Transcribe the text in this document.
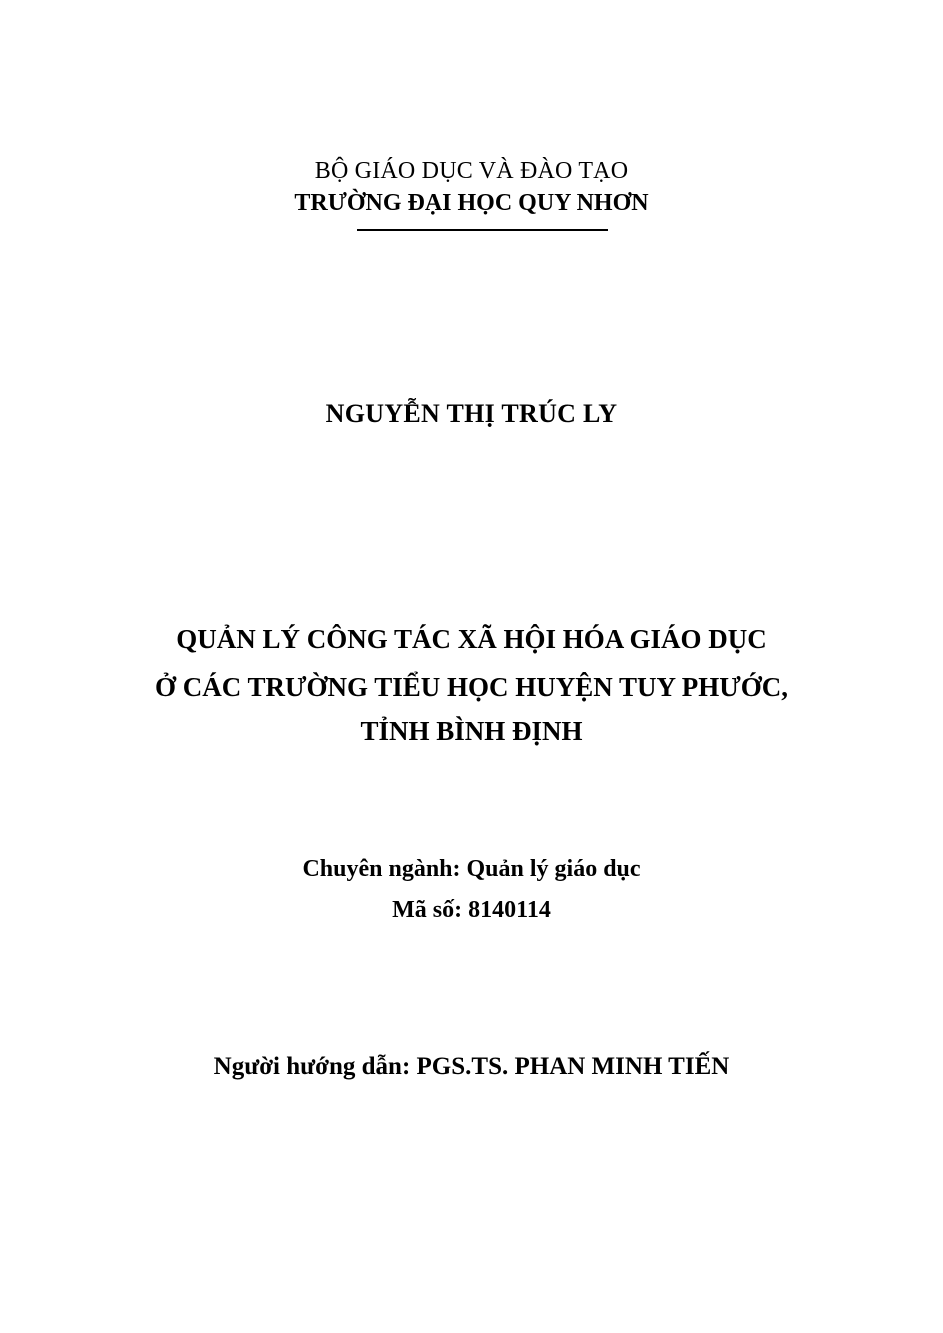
BỘ GIÁO DỤC VÀ ĐÀO TẠO
TRƯỜNG ĐẠI HỌC QUY NHƠN
NGUYỄN THỊ TRÚC LY
QUẢN LÝ CÔNG TÁC XÃ HỘI HÓA GIÁO DỤC
Ở CÁC TRƯỜNG TIỂU HỌC HUYỆN TUY PHƯỚC,
TỈNH BÌNH ĐỊNH
Chuyên ngành: Quản lý giáo dục
Mã số: 8140114
Người hướng dẫn: PGS.TS. PHAN MINH TIẾN
